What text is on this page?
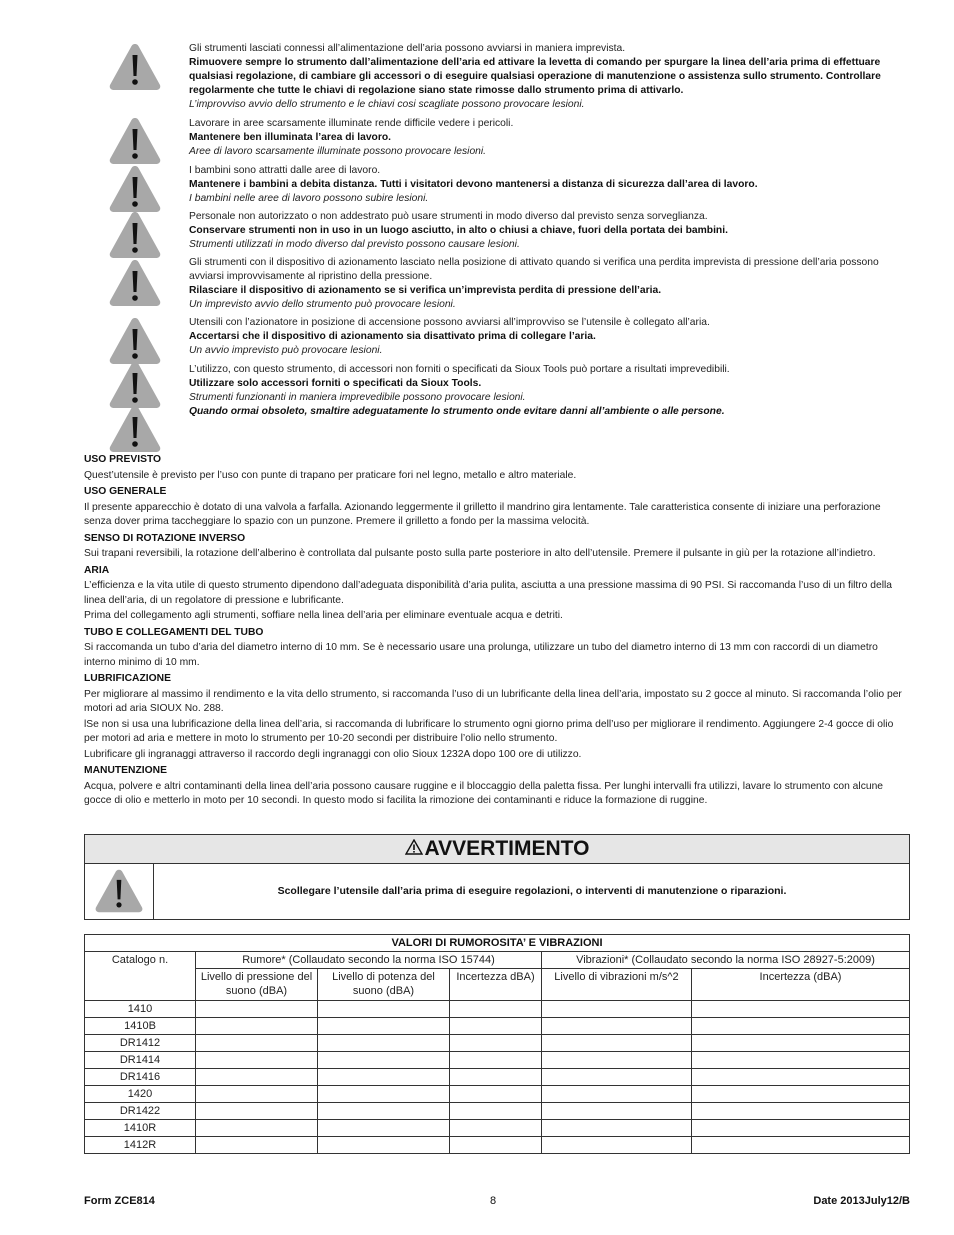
Gli strumenti lasciati connessi all’alimentazione dell’aria possono avviarsi in maniera imprevista.
Rimuovere sempre lo strumento dall’alimentazione dell’aria ed attivare la levetta di comando per spurgare la linea dell’aria prima di effettuare qualsiasi regolazione, di cambiare gli accessori o di eseguire qualsiasi operazione di manutenzione o assistenza sullo strumento. Controllare regolarmente che tutte le chiavi di regolazione siano state rimosse dallo strumento prima di attivarlo.
L’improvviso avvio dello strumento e le chiavi cosi scagliate possono provocare lesioni.
Lavorare in aree scarsamente illuminate rende difficile vedere i pericoli.
Mantenere ben illuminata l’area di lavoro.
Aree di lavoro scarsamente illuminate possono provocare lesioni.
I bambini sono attratti dalle aree di lavoro.
Mantenere i bambini a debita distanza. Tutti i visitatori devono mantenersi a distanza di sicurezza dall’area di lavoro.
I bambini nelle aree di lavoro possono subire lesioni.
Personale non autorizzato o non addestrato può usare strumenti in modo diverso dal previsto senza sorveglianza.
Conservare strumenti non in uso in un luogo asciutto, in alto o chiusi a chiave, fuori della portata dei bambini.
Strumenti utilizzati in modo diverso dal previsto possono causare lesioni.
Gli strumenti con il dispositivo di azionamento lasciato nella posizione di attivato quando si verifica una perdita imprevista di pressione dell’aria possono avviarsi improvvisamente al ripristino della pressione.
Rilasciare il dispositivo di azionamento se si verifica un’imprevista perdita di pressione dell’aria.
Un imprevisto avvio dello strumento può provocare lesioni.
Utensili con l’azionatore in posizione di accensione possono avviarsi all’improvviso se l’utensile è collegato all’aria.
Accertarsi che il dispositivo di azionamento sia disattivato prima di collegare l’aria.
Un avvio imprevisto può provocare lesioni.
L’utilizzo, con questo strumento, di accessori non forniti o specificati da Sioux Tools può portare a risultati imprevedibili.
Utilizzare solo accessori forniti o specificati da Sioux Tools.
Strumenti funzionanti in maniera imprevedibile possono provocare lesioni.
Quando ormai obsoleto, smaltire adeguatamente lo strumento onde evitare danni all’ambiente o alle persone.
USO PREVISTO
Quest’utensile è previsto per l’uso con punte di trapano per praticare fori nel legno, metallo e altro materiale.
USO GENERALE
Il presente apparecchio è dotato di una valvola a farfalla. Azionando leggermente il grilletto il mandrino gira lentamente. Tale caratteristica consente di iniziare una perforazione senza dover prima taccheggiare lo spazio con un punzone. Premere il grilletto a fondo per la massima velocità.
SENSO DI ROTAZIONE INVERSO
Sui trapani reversibili, la rotazione dell’alberino è controllata dal pulsante posto sulla parte posteriore in alto dell’utensile. Premere il pulsante in giù per la rotazione all’indietro.
ARIA
L’efficienza e la vita utile di questo strumento dipendono dall’adeguata disponibilità d’aria pulita, asciutta a una pressione massima di 90 PSI. Si raccomanda l’uso di un filtro della linea dell’aria, di un regolatore di pressione e lubrificante.
Prima del collegamento agli strumenti, soffiare nella linea dell’aria per eliminare eventuale acqua e detriti.
TUBO E COLLEGAMENTI DEL TUBO
Si raccomanda un tubo d’aria del diametro interno di 10 mm. Se è necessario usare una prolunga, utilizzare un tubo del diametro interno di 13 mm con raccordi di un diametro interno minimo di 10 mm.
LUBRIFICAZIONE
Per migliorare al massimo il rendimento e la vita dello strumento, si raccomanda l’uso di un lubrificante della linea dell’aria, impostato su 2 gocce al minuto. Si raccomanda l’olio per motori ad aria SIOUX No. 288.
lSe non si usa una lubrificazione della linea dell’aria, si raccomanda di lubrificare lo strumento ogni giorno prima dell’uso per migliorare il rendimento. Aggiungere 2-4 gocce di olio per motori ad aria e mettere in moto lo strumento per 10-20 secondi per distribuire l’olio nello strumento.
Lubrificare gli ingranaggi attraverso il raccordo degli ingranaggi con olio Sioux 1232A dopo 100 ore di utilizzo.
MANUTENZIONE
Acqua, polvere e altri contaminanti della linea dell’aria possono causare ruggine e il bloccaggio della paletta fissa. Per lunghi intervalli fra utilizzi, lavare lo strumento con alcune gocce di olio e metterlo in moto per 10 secondi. In questo modo si facilita la rimozione dei contaminanti e riduce la formazione di ruggine.
AVVERTIMENTO
Scollegare l’utensile dall’aria prima di eseguire regolazioni, o interventi di manutenzione o riparazioni.
VALORI DI RUMOROSITA’ E VIBRAZIONI					
Catalogo n.	Rumore* (Collaudato secondo la norma ISO 15744)			Vibrazioni* (Collaudato secondo la norma ISO 28927-5:2009)	
	Livello di pressione del suono (dBA)	Livello di potenza del suono (dBA)	Incertezza dBA)	Livello di vibrazioni m/s^2	Incertezza (dBA)
1410					
1410B					
DR1412					
DR1414					
DR1416					
1420					
DR1422					
1410R					
1412R					
Form ZCE814	8	Date 2013July12/B
